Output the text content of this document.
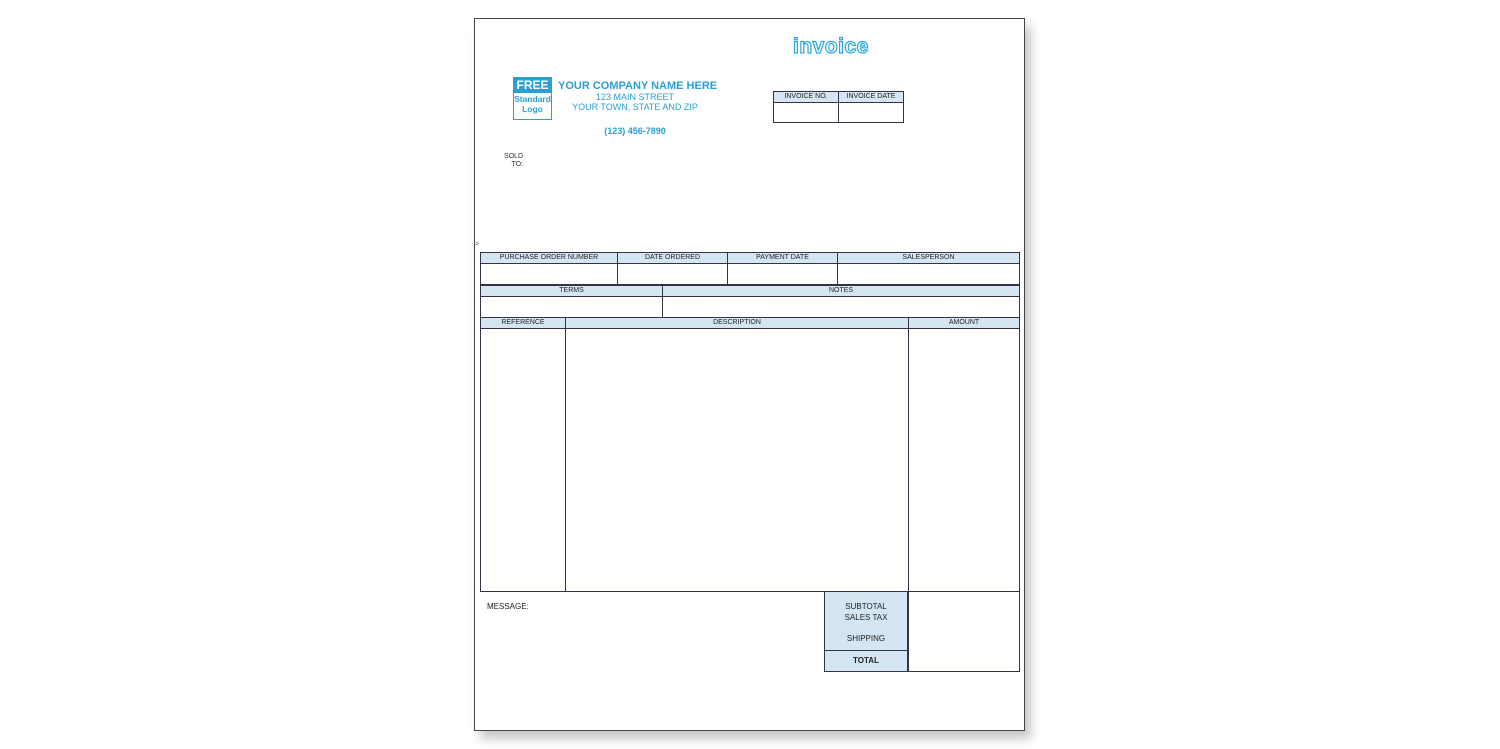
invoice
FREE
Standard
Logo
YOUR COMPANY NAME HERE
123 MAIN STREET
YOUR TOWN, STATE AND ZIP
(123) 456-7890
INVOICE NO.	INVOICE DATE
SOLD
TO:
>
PURCHASE ORDER NUMBER	DATE ORDERED	PAYMENT DATE	SALESPERSON
TERMS	NOTES
REFERENCE	DESCRIPTION	AMOUNT
MESSAGE:	SUBTOTAL
SALES TAX
SHIPPING
TOTAL
